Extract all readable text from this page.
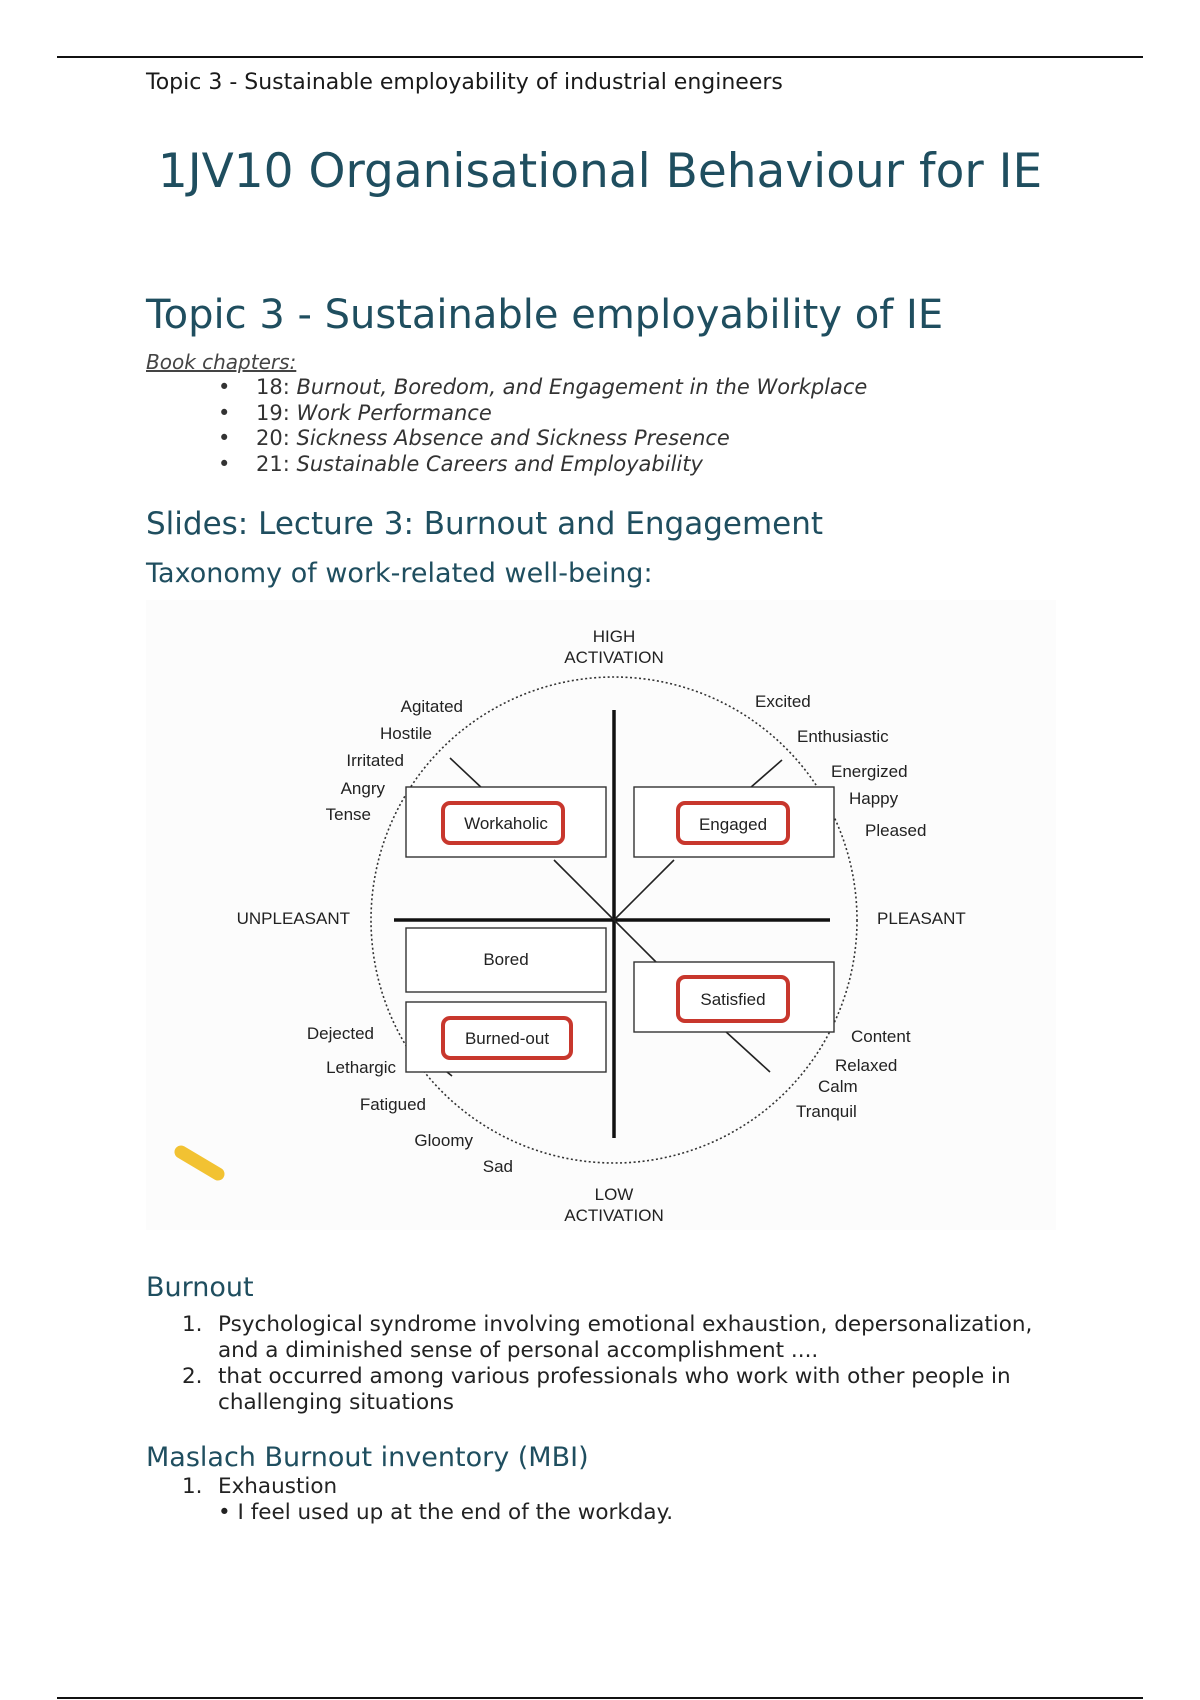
Topic 3 - Sustainable employability of industrial engineers
1JV10 Organisational Behaviour for IE
Topic 3 - Sustainable employability of IE
Book chapters:
• 18: Burnout, Boredom, and Engagement in the Workplace
• 19: Work Performance
• 20: Sickness Absence and Sickness Presence
• 21: Sustainable Careers and Employability
Slides: Lecture 3: Burnout and Engagement
Taxonomy of work-related well-being:
Workaholic	Engaged
Bored
Burned-out
Satisfied
HIGH
ACTIVATION
LOW
ACTIVATION
UNPLEASANT	PLEASANT
Agitated
Hostile
Irritated
Angry
Tense
Excited
Enthusiastic
Energized
Happy
Pleased
Dejected
Lethargic
Fatigued
Gloomy
Sad
Content
Relaxed
Calm
Tranquil
Burnout
1. Psychological syndrome involving emotional exhaustion, depersonalization, and a diminished sense of personal accomplishment ....
2. that occurred among various professionals who work with other people in challenging situations
Maslach Burnout inventory (MBI)
1. Exhaustion
• I feel used up at the end of the workday.
